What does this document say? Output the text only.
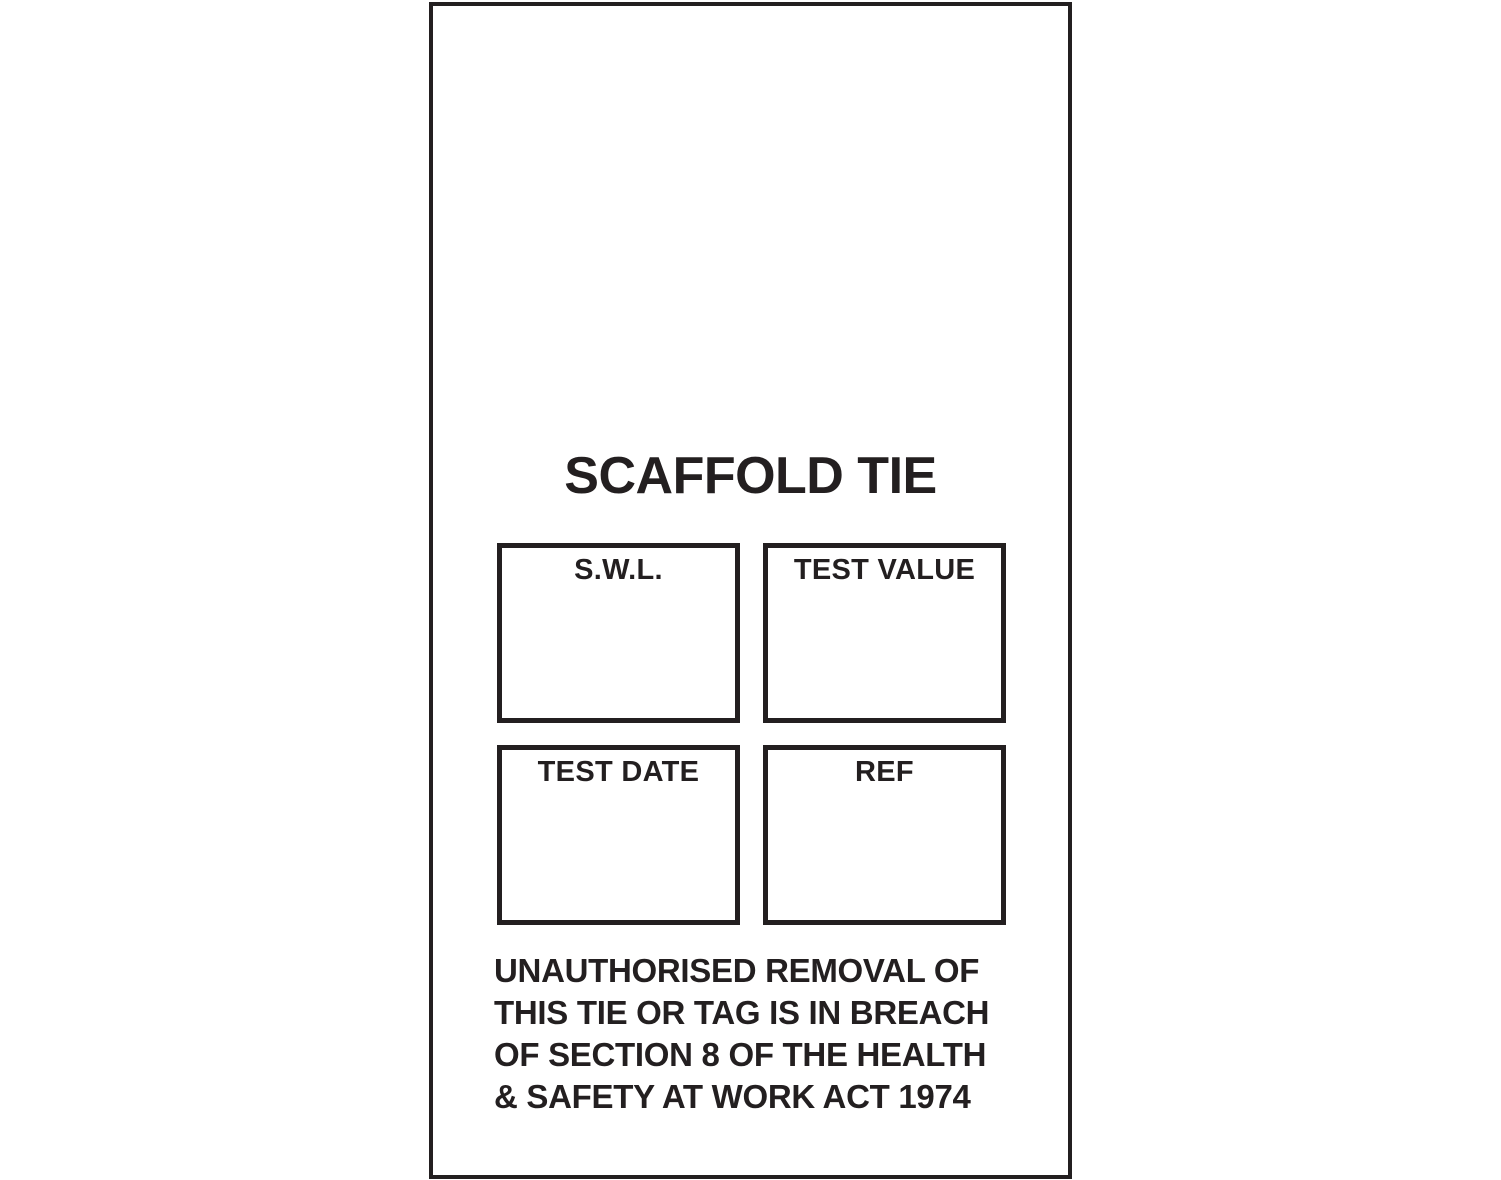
SCAFFOLD TIE
S.W.L.	TEST VALUE
TEST DATE	REF
UNAUTHORISED REMOVAL OF
THIS TIE OR TAG IS IN BREACH
OF SECTION 8 OF THE HEALTH
& SAFETY AT WORK ACT 1974
